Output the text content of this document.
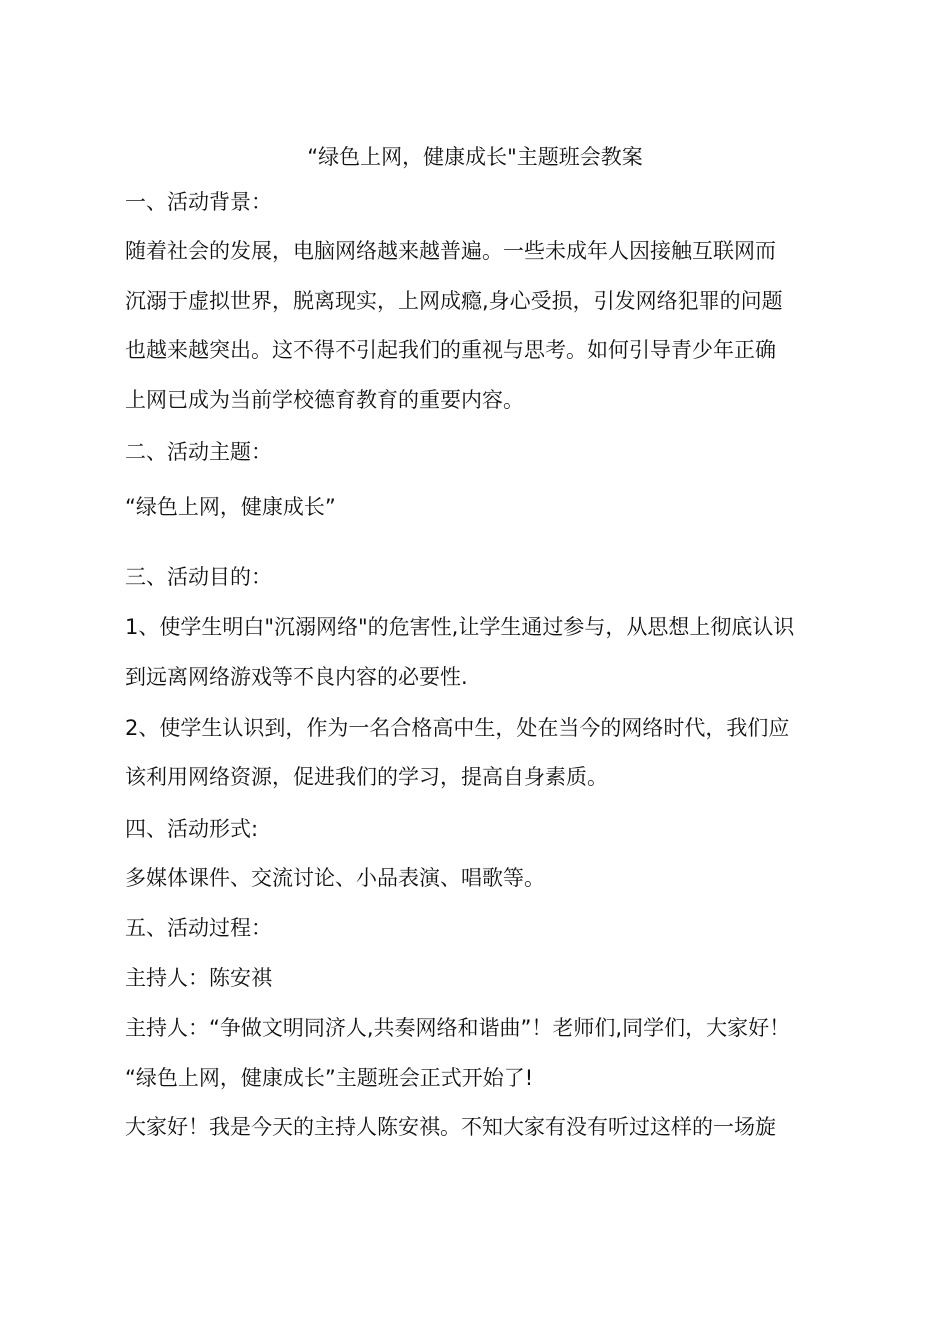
“绿色上网，健康成长"主题班会教案
一、活动背景：
随着社会的发展，电脑网络越来越普遍。一些未成年人因接触互联网而
沉溺于虚拟世界，脱离现实，上网成瘾,身心受损，引发网络犯罪的问题
也越来越突出。这不得不引起我们的重视与思考。如何引导青少年正确
上网已成为当前学校德育教育的重要内容。
二、活动主题：
“绿色上网，健康成长”
三、活动目的：
1、使学生明白"沉溺网络"的危害性,让学生通过参与，从思想上彻底认识
到远离网络游戏等不良内容的必要性.
2、使学生认识到，作为一名合格高中生，处在当今的网络时代，我们应
该利用网络资源，促进我们的学习，提高自身素质。
四、活动形式:
多媒体课件、交流讨论、小品表演、唱歌等。
五、活动过程：
主持人：陈安祺
主持人：“争做文明同济人,共奏网络和谐曲”！老师们,同学们，大家好！
“绿色上网，健康成长”主题班会正式开始了!
大家好！我是今天的主持人陈安祺。不知大家有没有听过这样的一场旋
